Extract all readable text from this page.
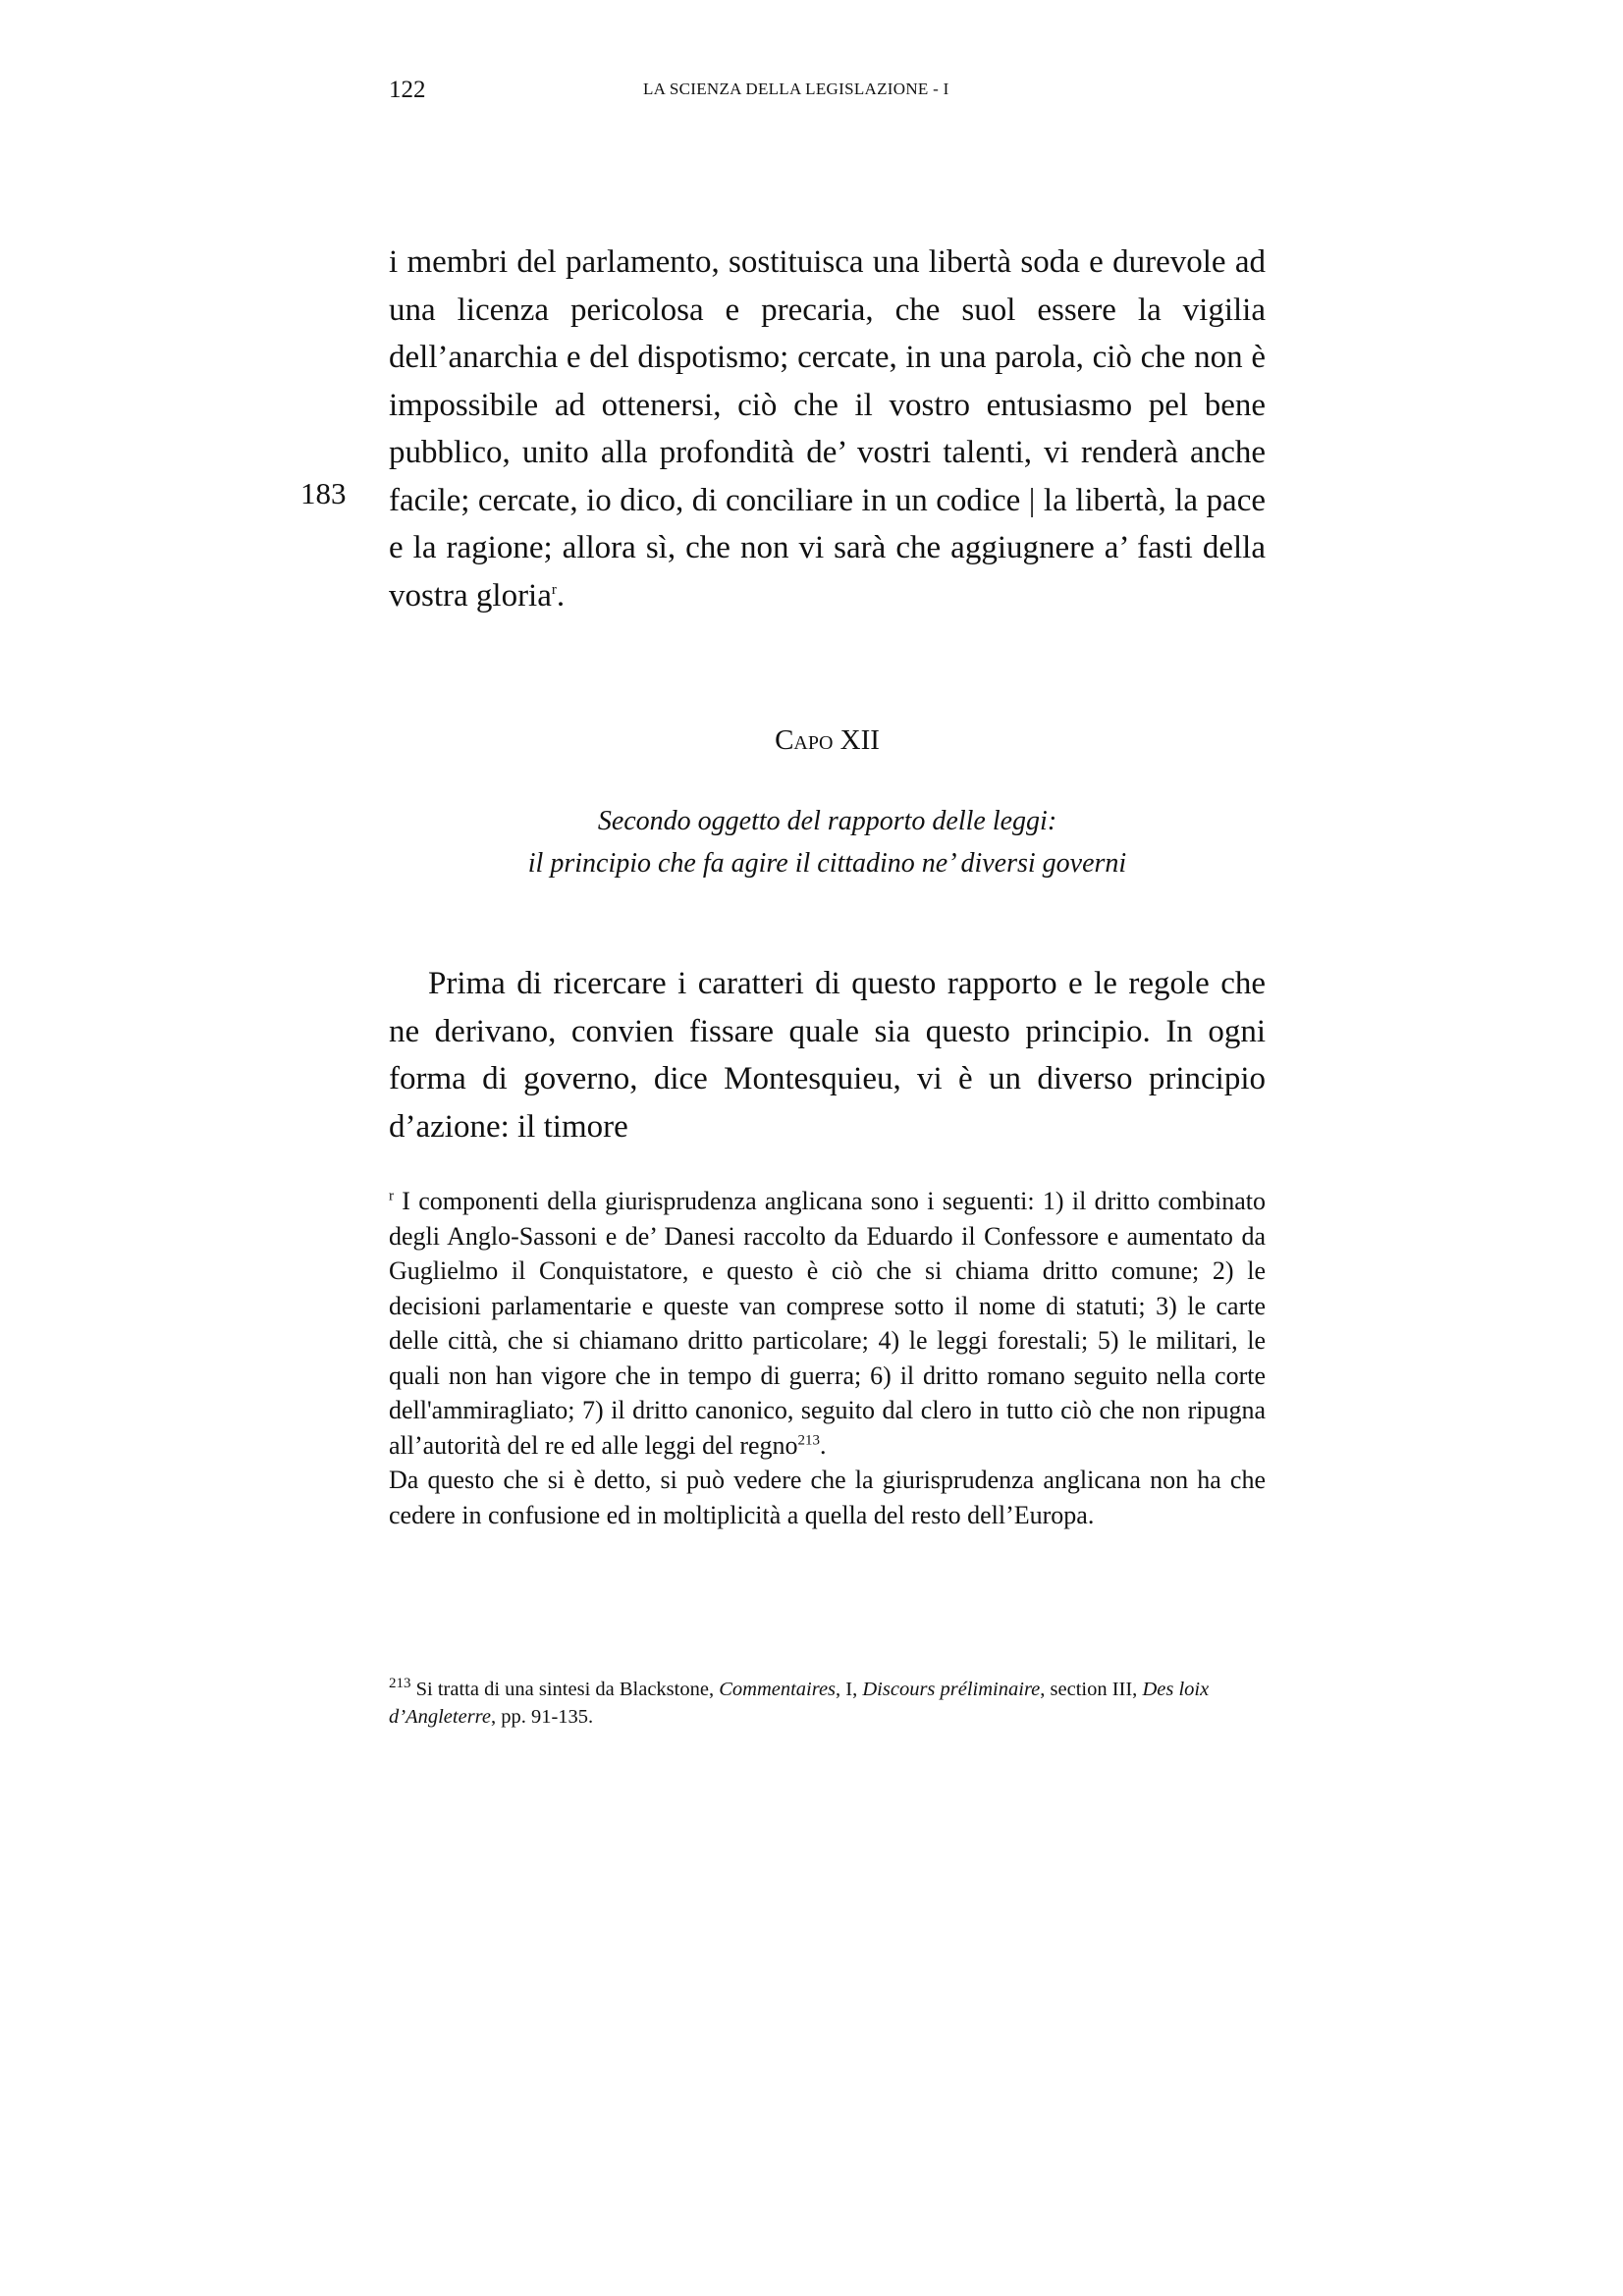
122	LA SCIENZA DELLA LEGISLAZIONE - I
183

i membri del parlamento, sostituisca una libertà soda e durevole ad una licenza pericolosa e precaria, che suol essere la vigilia dell’anarchia e del dispotismo; cercate, in una parola, ciò che non è impossibile ad ottenersi, ciò che il vostro entusiasmo pel bene pubblico, unito alla profondità de’ vostri talenti, vi renderà anche facile; cercate, io dico, di conciliare in un codice | la libertà, la pace e la ragione; allora sì, che non vi sarà che aggiugnere a’ fasti della vostra gloria$^r$.

Capo XII

Secondo oggetto del rapporto delle leggi:
il principio che fa agire il cittadino ne’ diversi governi

Prima di ricercare i caratteri di questo rapporto e le regole che ne derivano, convien fissare quale sia questo principio. In ogni forma di governo, dice Montesquieu, vi è un diverso principio d’azione: il timore

$^r$ I componenti della giurisprudenza anglicana sono i seguenti: 1) il dritto combinato degli Anglo-Sassoni e de’ Danesi raccolto da Eduardo il Confessore e aumentato da Guglielmo il Conquistatore, e questo è ciò che si chiama dritto comune; 2) le decisioni parlamentarie e queste van comprese sotto il nome di statuti; 3) le carte delle città, che si chiamano dritto particolare; 4) le leggi forestali; 5) le militari, le quali non han vigore che in tempo di guerra; 6) il dritto romano seguito nella corte dell'ammiragliato; 7) il dritto canonico, seguito dal clero in tutto ciò che non ripugna all’autorità del re ed alle leggi del regno$^{213}$.

Da questo che si è detto, si può vedere che la giurisprudenza anglicana non ha che cedere in confusione ed in moltiplicità a quella del resto dell’Europa.

$^{213}$ Si tratta di una sintesi da Blackstone, Commentaires, I, Discours préliminaire, section III, Des loix d’Angleterre, pp. 91-135.
